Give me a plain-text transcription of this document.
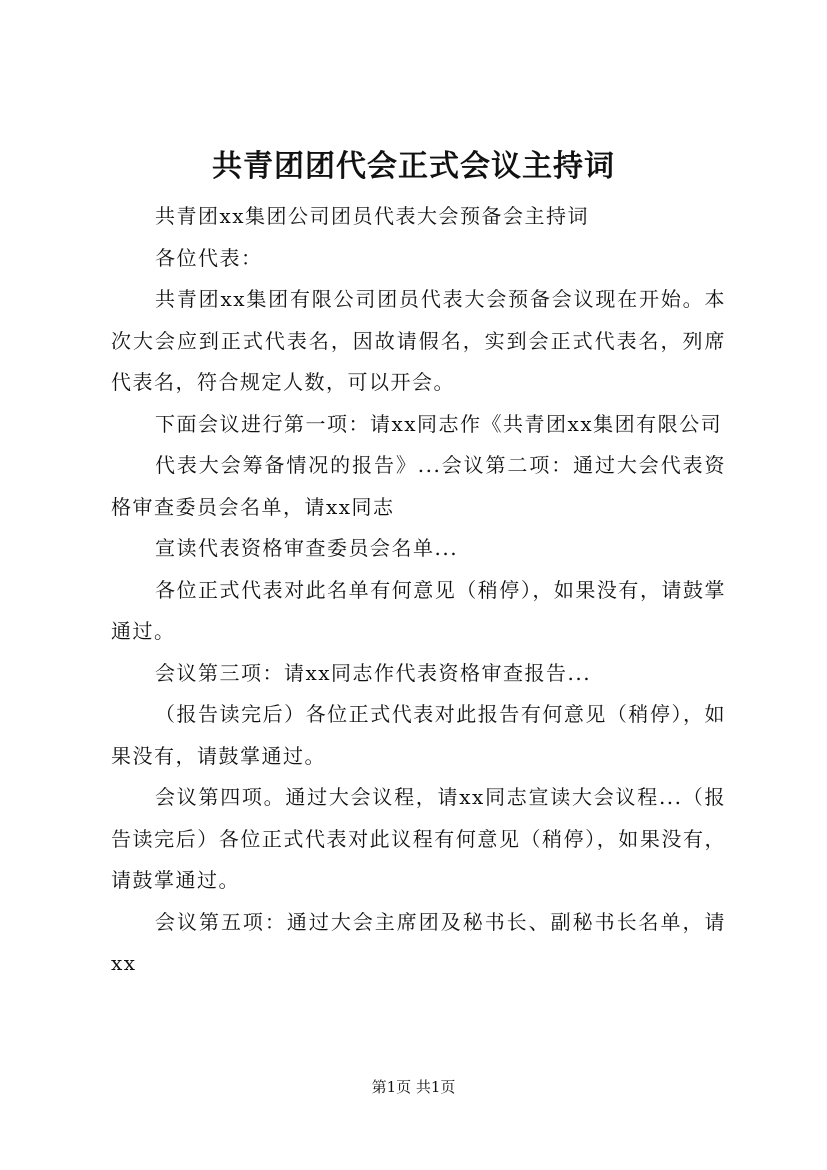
共青团团代会正式会议主持词

共青团xx集团公司团员代表大会预备会主持词

各位代表：

共青团xx集团有限公司团员代表大会预备会议现在开始。本次大会应到正式代表名，因故请假名，实到会正式代表名，列席代表名，符合规定人数，可以开会。

下面会议进行第一项：请xx同志作《共青团xx集团有限公司

代表大会筹备情况的报告》...会议第二项：通过大会代表资格审查委员会名单，请xx同志

宣读代表资格审查委员会名单...

各位正式代表对此名单有何意见（稍停），如果没有，请鼓掌通过。

会议第三项：请xx同志作代表资格审查报告...

（报告读完后）各位正式代表对此报告有何意见（稍停），如果没有，请鼓掌通过。

会议第四项。通过大会议程，请xx同志宣读大会议程...（报告读完后）各位正式代表对此议程有何意见（稍停），如果没有，请鼓掌通过。

会议第五项：通过大会主席团及秘书长、副秘书长名单，请xx

第1页 共1页
